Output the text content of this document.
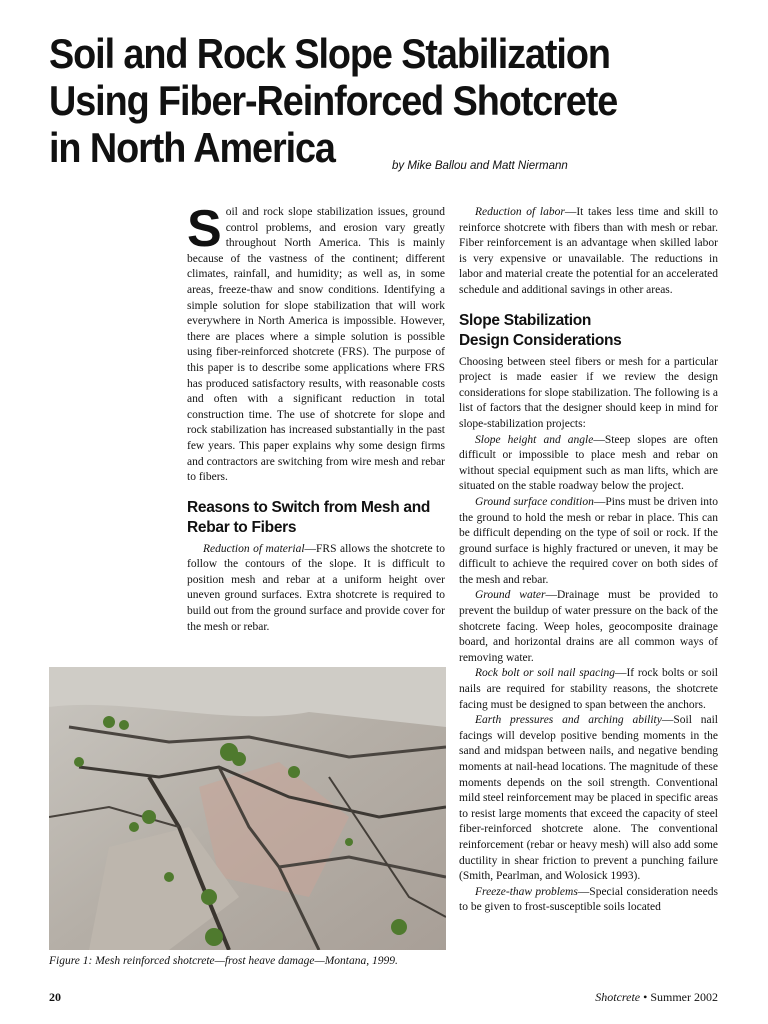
Soil and Rock Slope Stabilization
Using Fiber-Reinforced Shotcrete
in North America	by Mike Ballou and Matt Niermann

Soil and rock slope stabilization issues, ground control problems, and erosion vary greatly throughout North America. This is mainly because of the vastness of the continent; different climates, rainfall, and humidity; as well as, in some areas, freeze-thaw and snow conditions. Identifying a simple solution for slope stabilization that will work everywhere in North America is impossible. However, there are places where a simple solution is possible using fiber-reinforced shotcrete (FRS). The purpose of this paper is to describe some applications where FRS has produced satisfactory results, with reasonable costs and often with a significant reduction in total construction time. The use of shotcrete for slope and rock stabilization has increased substantially in the past few years. This paper explains why some design firms and contractors are switching from wire mesh and rebar to fibers.

Reasons to Switch from Mesh and
Rebar to Fibers

Reduction of material—FRS allows the shotcrete to follow the contours of the slope. It is difficult to position mesh and rebar at a uniform height over uneven ground surfaces. Extra shotcrete is required to build out from the ground surface and provide cover for the mesh or rebar.

Reduction of labor—It takes less time and skill to reinforce shotcrete with fibers than with mesh or rebar. Fiber reinforcement is an advantage when skilled labor is very expensive or unavailable. The reductions in labor and material create the potential for an accelerated schedule and additional savings in other areas.

Slope Stabilization
Design Considerations

Choosing between steel fibers or mesh for a particular project is made easier if we review the design considerations for slope stabilization. The following is a list of factors that the designer should keep in mind for slope-stabilization projects:

Slope height and angle—Steep slopes are often difficult or impossible to place mesh and rebar on without special equipment such as man lifts, which are situated on the stable roadway below the project.

Ground surface condition—Pins must be driven into the ground to hold the mesh or rebar in place. This can be difficult depending on the type of soil or rock. If the ground surface is highly fractured or uneven, it may be difficult to achieve the required cover on both sides of the mesh and rebar.

Ground water—Drainage must be provided to prevent the buildup of water pressure on the back of the shotcrete facing. Weep holes, geocomposite drainage board, and horizontal drains are all common ways of removing water.

Rock bolt or soil nail spacing—If rock bolts or soil nails are required for stability reasons, the shotcrete facing must be designed to span between the anchors.

Earth pressures and arching ability—Soil nail facings will develop positive bending moments in the sand and midspan between nails, and negative bending moments at nail-head locations. The magnitude of these moments depends on the soil strength. Conventional mild steel reinforcement may be placed in specific areas to resist large moments that exceed the capacity of steel fiber-reinforced shotcrete alone. The conventional reinforcement (rebar or heavy mesh) will also add some ductility in shear friction to prevent a punching failure (Smith, Pearlman, and Wolosick 1993).

Freeze-thaw problems—Special consideration needs to be given to frost-susceptible soils located

Figure 1: Mesh reinforced shotcrete—frost heave damage—Montana, 1999.
20	Shotcrete • Summer 2002
